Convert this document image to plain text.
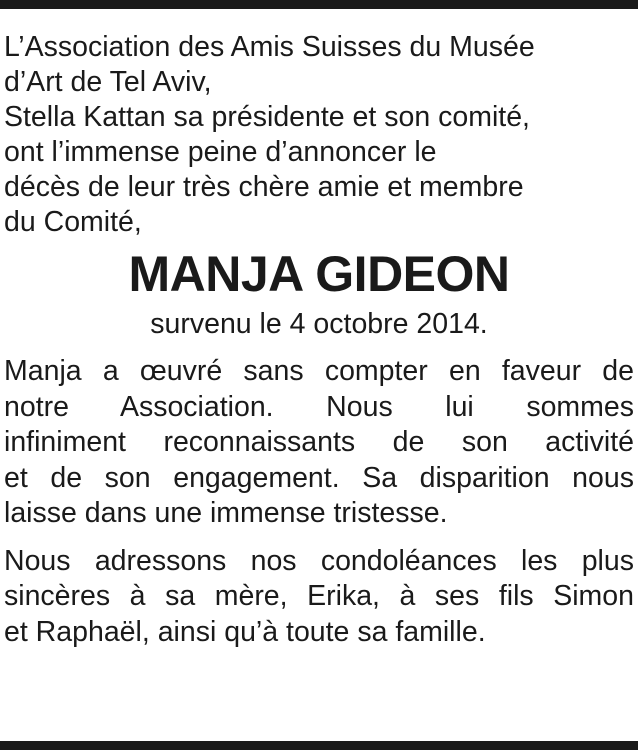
L’Association des Amis Suisses du Musée
d’Art de Tel Aviv,
Stella Kattan sa présidente et son comité,
ont l’immense peine d’annoncer le
décès de leur très chère amie et membre
du Comité,
MANJA GIDEON
survenu le 4 octobre 2014.
Manja a œuvré sans compter en faveur de
notre Association. Nous lui sommes
infiniment reconnaissants de son activité
et de son engagement. Sa disparition nous
laisse dans une immense tristesse.
Nous adressons nos condoléances les plus
sincères à sa mère, Erika, à ses fils Simon
et Raphaël, ainsi qu’à toute sa famille.
